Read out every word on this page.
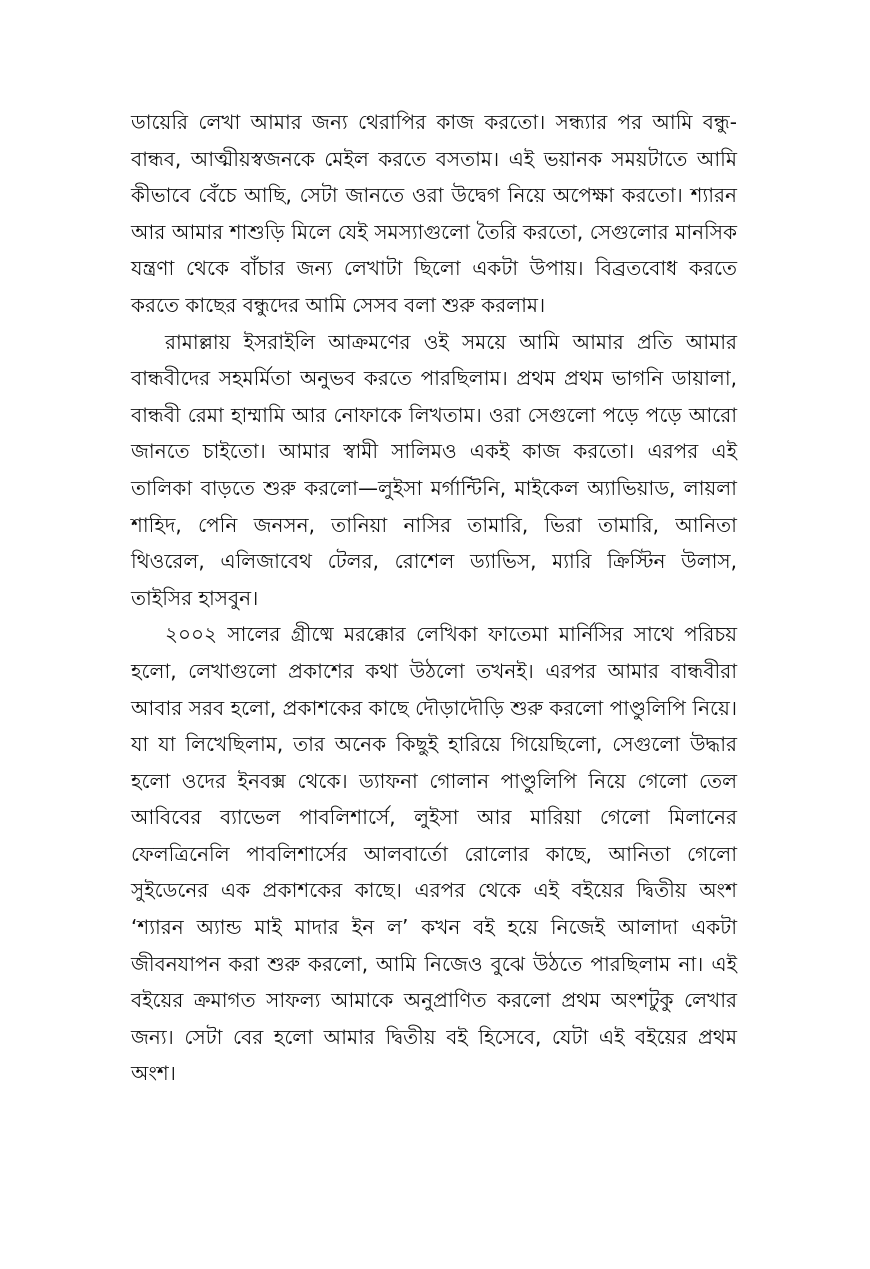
ডায়েরি লেখা আমার জন্য থেরাপির কাজ করতো। সন্ধ্যার পর আমি বন্ধু-বান্ধব, আত্মীয়স্বজনকে মেইল করতে বসতাম। এই ভয়ানক সময়টাতে আমি কীভাবে বেঁচে আছি, সেটা জানতে ওরা উদ্বেগ নিয়ে অপেক্ষা করতো। শ্যারন আর আমার শাশুড়ি মিলে যেই সমস্যাগুলো তৈরি করতো, সেগুলোর মানসিক যন্ত্রণা থেকে বাঁচার জন্য লেখাটা ছিলো একটা উপায়। বিব্রতবোধ করতে করতে কাছের বন্ধুদের আমি সেসব বলা শুরু করলাম।

রামাল্লায় ইসরাইলি আক্রমণের ওই সময়ে আমি আমার প্রতি আমার বান্ধবীদের সহমর্মিতা অনুভব করতে পারছিলাম। প্রথম প্রথম ভাগনি ডায়ালা, বান্ধবী রেমা হাম্মামি আর নোফাকে লিখতাম। ওরা সেগুলো পড়ে পড়ে আরো জানতে চাইতো। আমার স্বামী সালিমও একই কাজ করতো। এরপর এই তালিকা বাড়তে শুরু করলো—লুইসা মর্গান্টিনি, মাইকেল অ্যাভিয়াড, লায়লা শাহিদ, পেনি জনসন, তানিয়া নাসির তামারি, ভিরা তামারি, আনিতা থিওরেল, এলিজাবেথ টেলর, রোশেল ড্যাভিস, ম্যারি ক্রিস্টিন উলাস, তাইসির হাসবুন।

২০০২ সালের গ্রীষ্মে মরক্কোর লেখিকা ফাতেমা মার্নিসির সাথে পরিচয় হলো, লেখাগুলো প্রকাশের কথা উঠলো তখনই। এরপর আমার বান্ধবীরা আবার সরব হলো, প্রকাশকের কাছে দৌড়াদৌড়ি শুরু করলো পাণ্ডুলিপি নিয়ে। যা যা লিখেছিলাম, তার অনেক কিছুই হারিয়ে গিয়েছিলো, সেগুলো উদ্ধার হলো ওদের ইনবক্স থেকে। ড্যাফনা গোলান পাণ্ডুলিপি নিয়ে গেলো তেল আবিবের ব্যাভেল পাবলিশার্সে, লুইসা আর মারিয়া গেলো মিলানের ফেলত্রিনেলি পাবলিশার্সের আলবার্তো রোলোর কাছে, আনিতা গেলো সুইডেনের এক প্রকাশকের কাছে। এরপর থেকে এই বইয়ের দ্বিতীয় অংশ ‘শ্যারন অ্যান্ড মাই মাদার ইন ল’ কখন বই হয়ে নিজেই আলাদা একটা জীবনযাপন করা শুরু করলো, আমি নিজেও বুঝে উঠতে পারছিলাম না। এই বইয়ের ক্রমাগত সাফল্য আমাকে অনুপ্রাণিত করলো প্রথম অংশটুকু লেখার জন্য। সেটা বের হলো আমার দ্বিতীয় বই হিসেবে, যেটা এই বইয়ের প্রথম অংশ।
